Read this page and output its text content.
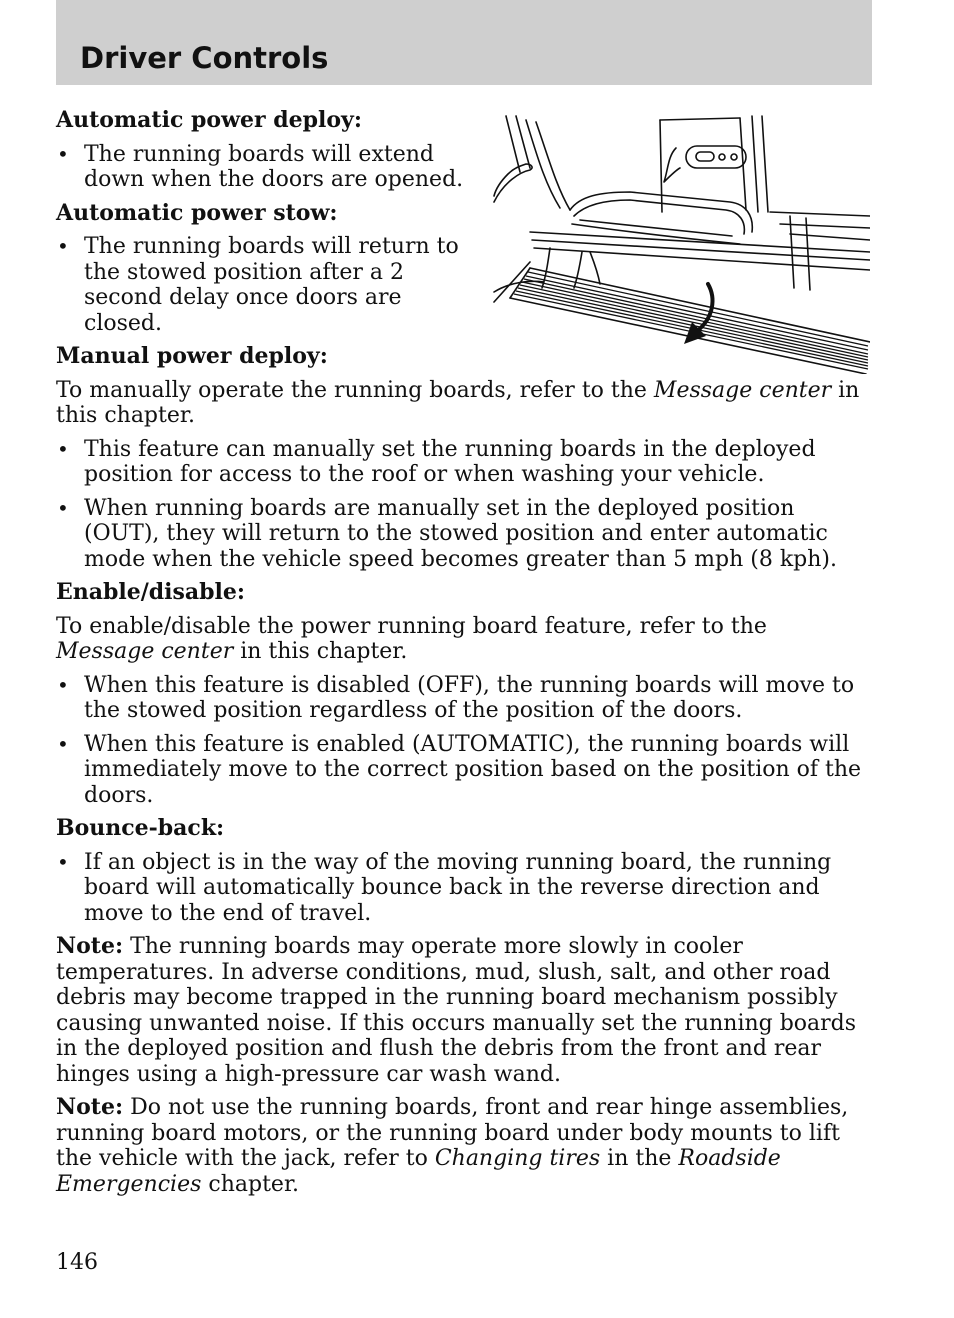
Driver Controls

Automatic power deploy:

• The running boards will extend down when the doors are opened.

Automatic power stow:

• The running boards will return to the stowed position after a 2 second delay once doors are closed.

Manual power deploy:

To manually operate the running boards, refer to the Message center in this chapter.

• This feature can manually set the running boards in the deployed position for access to the roof or when washing your vehicle.
• When running boards are manually set in the deployed position (OUT), they will return to the stowed position and enter automatic mode when the vehicle speed becomes greater than 5 mph (8 kph).

Enable/disable:

To enable/disable the power running board feature, refer to the Message center in this chapter.

• When this feature is disabled (OFF), the running boards will move to the stowed position regardless of the position of the doors.
• When this feature is enabled (AUTOMATIC), the running boards will immediately move to the correct position based on the position of the doors.

Bounce-back:

• If an object is in the way of the moving running board, the running board will automatically bounce back in the reverse direction and move to the end of travel.

Note: The running boards may operate more slowly in cooler temperatures. In adverse conditions, mud, slush, salt, and other road debris may become trapped in the running board mechanism possibly causing unwanted noise. If this occurs manually set the running boards in the deployed position and flush the debris from the front and rear hinges using a high-pressure car wash wand.

Note: Do not use the running boards, front and rear hinge assemblies, running board motors, or the running board under body mounts to lift the vehicle with the jack, refer to Changing tires in the Roadside Emergencies chapter.

146
